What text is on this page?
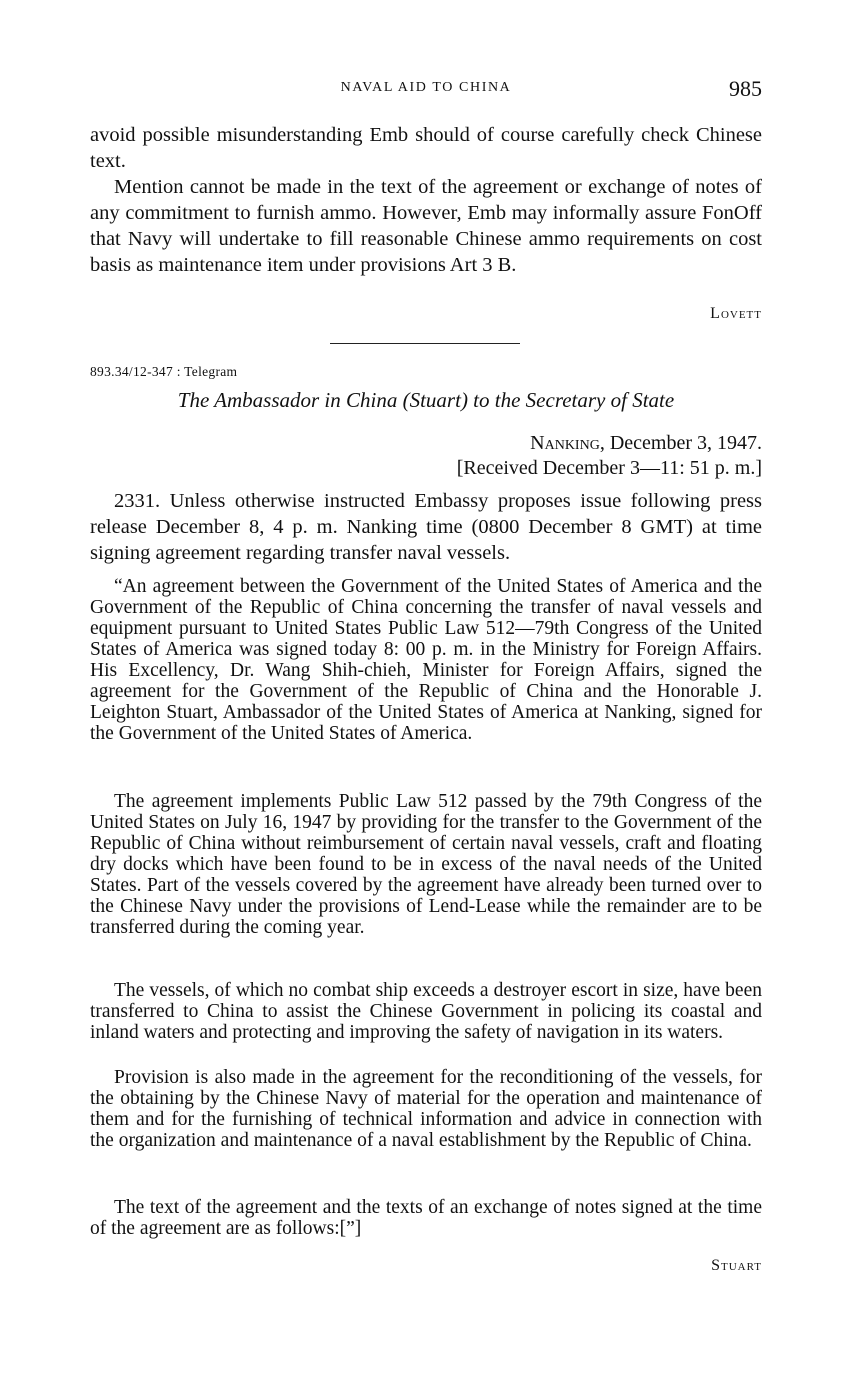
NAVAL AID TO CHINA	985

avoid possible misunderstanding Emb should of course carefully check Chinese text.

Mention cannot be made in the text of the agreement or exchange of notes of any commitment to furnish ammo. However, Emb may informally assure FonOff that Navy will undertake to fill reasonable Chinese ammo requirements on cost basis as maintenance item under provisions Art 3 B.

Lovett
893.34/12-347 : Telegram
The Ambassador in China (Stuart) to the Secretary of State
Nanking, December 3, 1947.
[Received December 3—11: 51 p. m.]

2331. Unless otherwise instructed Embassy proposes issue following press release December 8, 4 p. m. Nanking time (0800 December 8 GMT) at time signing agreement regarding transfer naval vessels.

“An agreement between the Government of the United States of America and the Government of the Republic of China concerning the transfer of naval vessels and equipment pursuant to United States Public Law 512—79th Congress of the United States of America was signed today 8: 00 p. m. in the Ministry for Foreign Affairs. His Excellency, Dr. Wang Shih-chieh, Minister for Foreign Affairs, signed the agreement for the Government of the Republic of China and the Honorable J. Leighton Stuart, Ambassador of the United States of America at Nanking, signed for the Government of the United States of America.

The agreement implements Public Law 512 passed by the 79th Congress of the United States on July 16, 1947 by providing for the transfer to the Government of the Republic of China without reimbursement of certain naval vessels, craft and floating dry docks which have been found to be in excess of the naval needs of the United States. Part of the vessels covered by the agreement have already been turned over to the Chinese Navy under the provisions of Lend-Lease while the remainder are to be transferred during the coming year.

The vessels, of which no combat ship exceeds a destroyer escort in size, have been transferred to China to assist the Chinese Government in policing its coastal and inland waters and protecting and improving the safety of navigation in its waters.

Provision is also made in the agreement for the reconditioning of the vessels, for the obtaining by the Chinese Navy of material for the operation and maintenance of them and for the furnishing of technical information and advice in connection with the organization and maintenance of a naval establishment by the Republic of China.

The text of the agreement and the texts of an exchange of notes signed at the time of the agreement are as follows:[”]

Stuart
